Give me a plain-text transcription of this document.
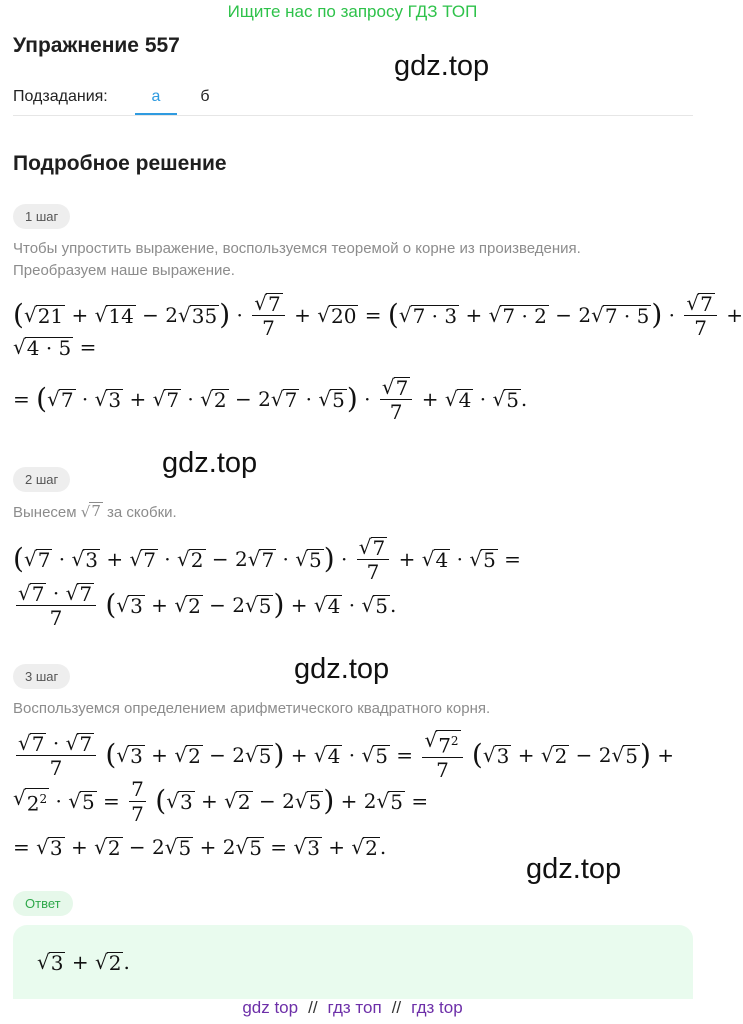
Ищите нас по запросу ГДЗ ТОП
Упражнение 557
gdz.top
gdz.top
gdz.top
gdz.top
Подзадания:	а	б
Подробное решение
1 шаг
Чтобы упростить выражение, воспользуемся теоремой о корне из произведения.
Преобразуем наше выражение.
( √ 21 + √ 14 − 2 √ 35 ) · $\frac{√ 7}{7}$ + √ 20 = ( √ 7 · 3 + √ 7 · 2 − 2 √ 7 · 5 ) · $\frac{√ 7}{7}$ +
√ 4 · 5 =
= ( √ 7 · √ 3 + √ 7 · √ 2 − 2 √ 7 · √ 5 ) · $\frac{√ 7}{7}$ + √ 4 · √ 5 .
2 шаг
Вынесем √ 7 за скобки.
( √ 7 · √ 3 + √ 7 · √ 2 − 2 √ 7 · √ 5 ) · $\frac{√ 7}{7}$ + √ 4 · √ 5 =
$\frac{√ 7 \cdot √ 7}{7}$
( √ 3 + √ 2 − 2 √ 5 ) + √ 4 · √ 5 .
3 шаг
Воспользуемся определением арифметического квадратного корня.
$\frac{√ 7 \cdot √ 7}{7}$
( √ 3 + √ 2 − 2 √ 5 ) + √ 4 · √ $5 = \frac{√ 7^2}{7}$
( √ 3 + √ 2 − 2 √ 5 ) +
√ $2^2$ · √ $5 = \frac{7}{7}$
( √ 3 + √ 2 − 2 √ 5 ) + 2 √ 5 =
= √ 3 + √ 2 − 2 √ 5 + 2 √ 5 = √ 3 + √ 2 .
Ответ
√ 3 + √ 2 .
gdz top // гдз топ // гдз top
